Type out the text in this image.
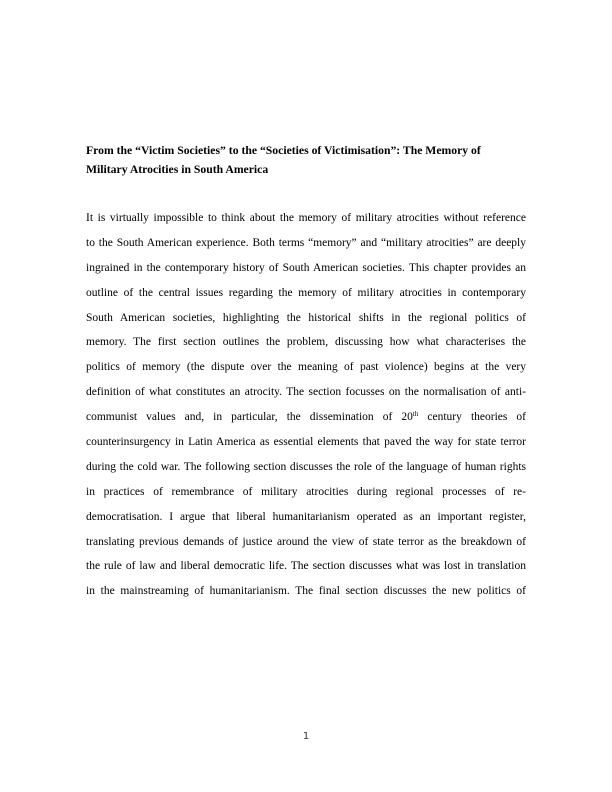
From the “Victim Societies” to the “Societies of Victimisation”: The Memory of
Military Atrocities in South America
It is virtually impossible to think about the memory of military atrocities without reference
to the South American experience. Both terms “memory” and “military atrocities” are deeply
ingrained in the contemporary history of South American societies. This chapter provides an
outline of the central issues regarding the memory of military atrocities in contemporary
South American societies, highlighting the historical shifts in the regional politics of
memory. The first section outlines the problem, discussing how what characterises the
politics of memory (the dispute over the meaning of past violence) begins at the very
definition of what constitutes an atrocity. The section focusses on the normalisation of anti-
communist values and, in particular, the dissemination of 20th century theories of
counterinsurgency in Latin America as essential elements that paved the way for state terror
during the cold war. The following section discusses the role of the language of human rights
in practices of remembrance of military atrocities during regional processes of re-
democratisation. I argue that liberal humanitarianism operated as an important register,
translating previous demands of justice around the view of state terror as the breakdown of
the rule of law and liberal democratic life. The section discusses what was lost in translation
in the mainstreaming of humanitarianism. The final section discusses the new politics of
1
